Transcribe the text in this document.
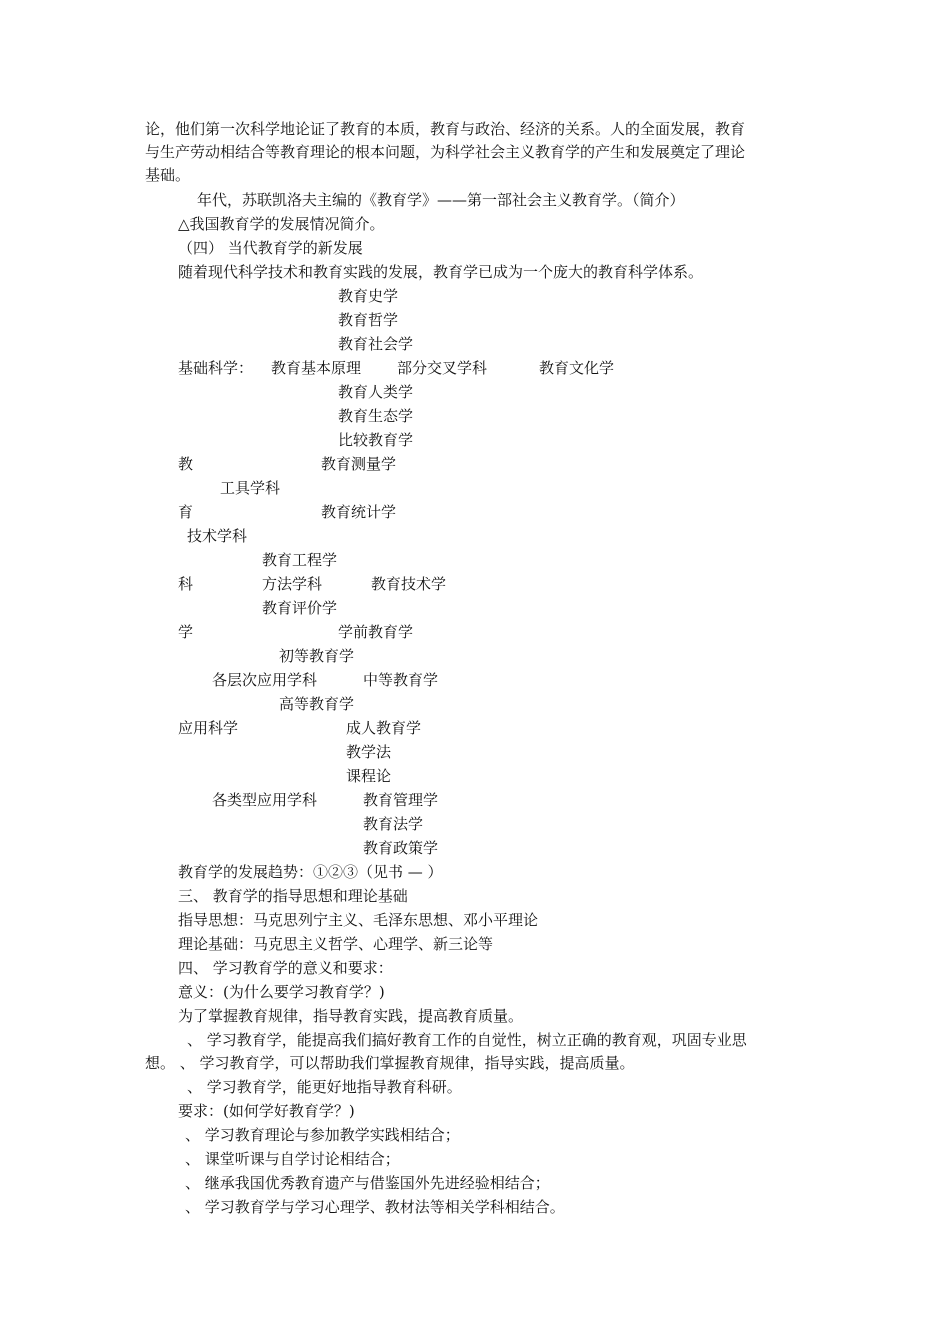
论，他们第一次科学地论证了教育的本质，教育与政治、经济的关系。人的全面发展，教育
与生产劳动相结合等教育理论的根本问题，为科学社会主义教育学的产生和发展奠定了理论
基础。
年代，苏联凯洛夫主编的《教育学》——第一部社会主义教育学。（简介）
△我国教育学的发展情况简介。
（四） 当代教育学的新发展
随着现代科学技术和教育实践的发展，教育学已成为一个庞大的教育科学体系。
教育史学
教育哲学
教育社会学
基础科学： 教育基本原理 部分交叉学科	教育文化学
教育人类学
教育生态学
比较教育学
教	教育测量学
工具学科
育	教育统计学
技术学科
教育工程学
科	方法学科	教育技术学
教育评价学
学	学前教育学
初等教育学
各层次应用学科	中等教育学
高等教育学
应用科学	成人教育学
教学法
课程论
各类型应用学科	教育管理学
教育法学
教育政策学
教育学的发展趋势：①②③（见书 — ）
三、 教育学的指导思想和理论基础
指导思想：马克思列宁主义、毛泽东思想、邓小平理论
理论基础：马克思主义哲学、心理学、新三论等
四、 学习教育学的意义和要求：
意义：(为什么要学习教育学？)
为了掌握教育规律，指导教育实践，提高教育质量。
、 学习教育学，能提高我们搞好教育工作的自觉性，树立正确的教育观，巩固专业思
想。 、 学习教育学，可以帮助我们掌握教育规律，指导实践，提高质量。
、 学习教育学，能更好地指导教育科研。
要求：(如何学好教育学？)
、 学习教育理论与参加教学实践相结合；
、 课堂听课与自学讨论相结合；
、 继承我国优秀教育遗产与借鉴国外先进经验相结合；
、 学习教育学与学习心理学、教材法等相关学科相结合。
